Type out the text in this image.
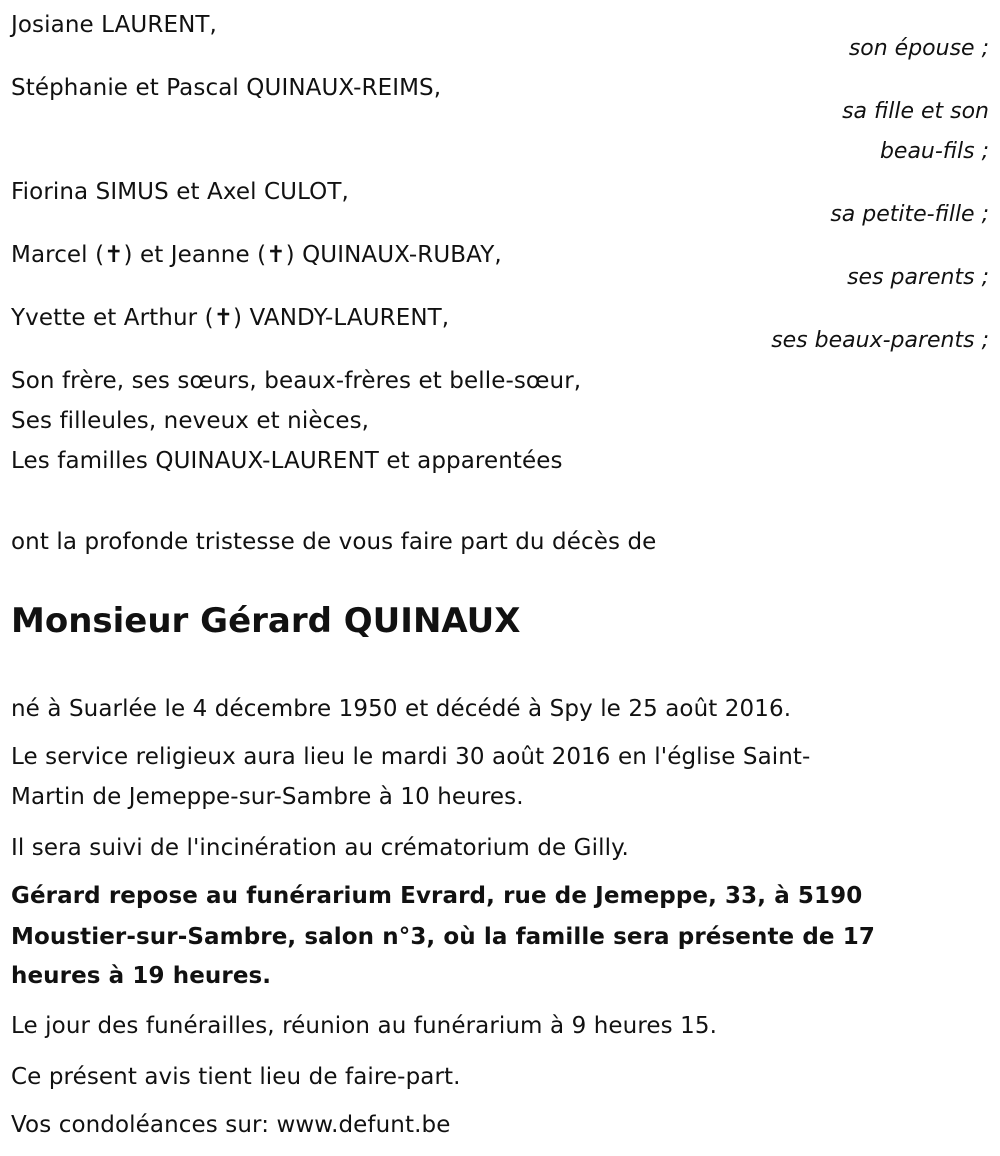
Josiane LAURENT,

son épouse ;

Stéphanie et Pascal QUINAUX-REIMS,

sa fille et son

beau-fils ;

Fiorina SIMUS et Axel CULOT,

sa petite-fille ;

Marcel (✝) et Jeanne (✝) QUINAUX-RUBAY,

ses parents ;

Yvette et Arthur (✝) VANDY-LAURENT,

ses beaux-parents ;

Son frère, ses sœurs, beaux-frères et belle-sœur,

Ses filleules, neveux et nièces,

Les familles QUINAUX-LAURENT et apparentées

ont la profonde tristesse de vous faire part du décès de

Monsieur Gérard QUINAUX

né à Suarlée le 4 décembre 1950 et décédé à Spy le 25 août 2016.

Le service religieux aura lieu le mardi 30 août 2016 en l'église Saint-

Martin de Jemeppe-sur-Sambre à 10 heures.

Il sera suivi de l'incinération au crématorium de Gilly.

Gérard repose au funérarium Evrard, rue de Jemeppe, 33, à 5190

Moustier-sur-Sambre, salon n°3, où la famille sera présente de 17

heures à 19 heures.

Le jour des funérailles, réunion au funérarium à 9 heures 15.

Ce présent avis tient lieu de faire-part.

Vos condoléances sur: www.defunt.be
